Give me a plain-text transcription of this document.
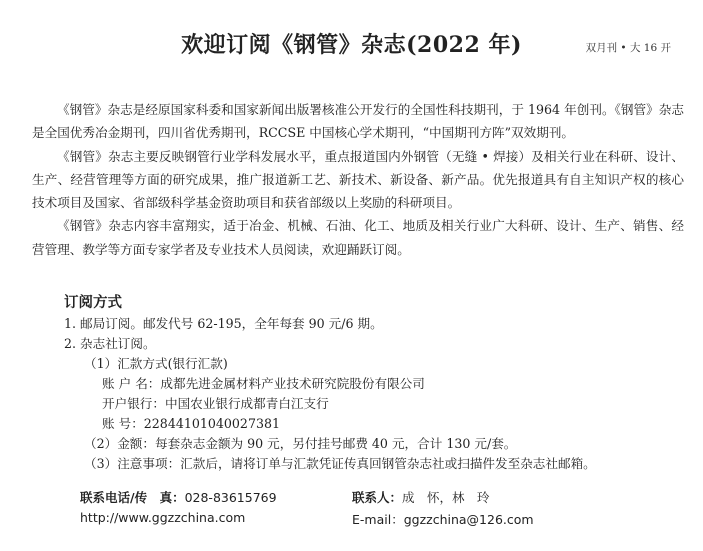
欢迎订阅《钢管》杂志(2022 年)	双月刊 • 大 16 开

《钢管》杂志是经原国家科委和国家新闻出版署核准公开发行的全国性科技期刊，于 1964 年创刊。《钢管》杂志是全国优秀冶金期刊，四川省优秀期刊，RCCSE 中国核心学术期刊，“中国期刊方阵”双效期刊。

《钢管》杂志主要反映钢管行业学科发展水平，重点报道国内外钢管（无缝 • 焊接）及相关行业在科研、设计、生产、经营管理等方面的研究成果，推广报道新工艺、新技术、新设备、新产品。优先报道具有自主知识产权的核心技术项目及国家、省部级科学基金资助项目和获省部级以上奖励的科研项目。

《钢管》杂志内容丰富翔实，适于冶金、机械、石油、化工、地质及相关行业广大科研、设计、生产、销售、经营管理、教学等方面专家学者及专业技术人员阅读，欢迎踊跃订阅。

订阅方式
1. 邮局订阅。邮发代号 62-195，全年每套 90 元/6 期。
2. 杂志社订阅。
（1）汇款方式(银行汇款)
账 户 名：成都先进金属材料产业技术研究院股份有限公司
开户银行：中国农业银行成都青白江支行
账 号：22844101040027381
（2）金额：每套杂志金额为 90 元，另付挂号邮费 40 元，合计 130 元/套。
（3）注意事项：汇款后，请将订单与汇款凭证传真回钢管杂志社或扫描件发至杂志社邮箱。
联系电话/传　真：028-83615769	联系人：成　怀，林　玲
http://www.ggzzchina.com	E-mail：ggzzchina@126.com
